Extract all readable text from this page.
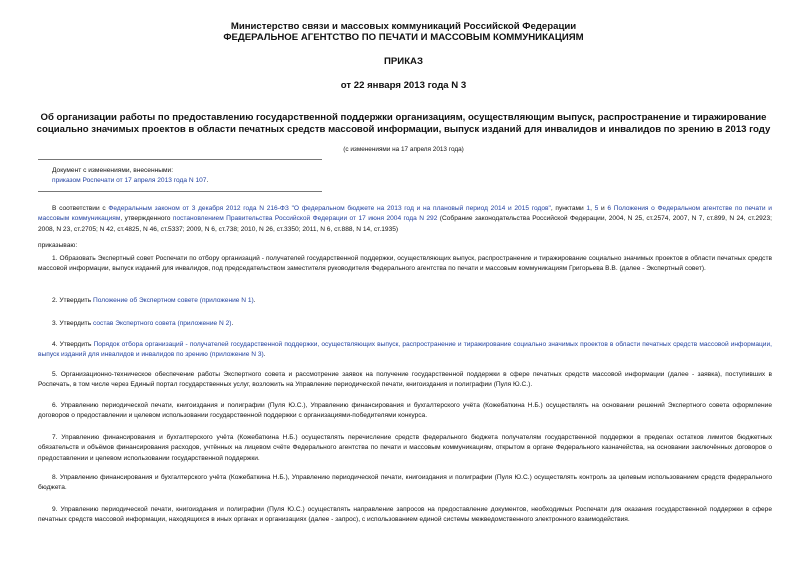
Министерство связи и массовых коммуникаций Российской Федерации
ФЕДЕРАЛЬНОЕ АГЕНТСТВО ПО ПЕЧАТИ И МАССОВЫМ КОММУНИКАЦИЯМ
ПРИКАЗ
от 22 января 2013 года N 3
Об организации работы по предоставлению государственной поддержки организациям, осуществляющим выпуск, распространение и тиражирование социально значимых проектов в области печатных средств массовой информации, выпуск изданий для инвалидов и инвалидов по зрению в 2013 году
(с изменениями на 17 апреля 2013 года)
Документ с изменениями, внесенными:
приказом Роспечати от 17 апреля 2013 года N 107.
В соответствии с Федеральным законом от 3 декабря 2012 года N 216-ФЗ "О федеральном бюджете на 2013 год и на плановый период 2014 и 2015 годов", пунктами 1, 5 и 6 Положения о Федеральном агентстве по печати и массовым коммуникациям, утвержденного постановлением Правительства Российской Федерации от 17 июня 2004 года N 292 (Собрание законодательства Российской Федерации, 2004, N 25, ст.2574, 2007, N 7, ст.899, N 24, ст.2923; 2008, N 23, ст.2705; N 42, ст.4825, N 46, ст.5337; 2009, N 6, ст.738; 2010, N 26, ст.3350; 2011, N 6, ст.888, N 14, ст.1935)
приказываю:
1. Образовать Экспертный совет Роспечати по отбору организаций - получателей государственной поддержки, осуществляющих выпуск, распространение и тиражирование социально значимых проектов в области печатных средств массовой информации, выпуск изданий для инвалидов, под председательством заместителя руководителя Федерального агентства по печати и массовым коммуникациям Григорьева В.В. (далее - Экспертный совет).
2. Утвердить Положение об Экспертном совете (приложение N 1).
3. Утвердить состав Экспертного совета (приложение N 2).
4. Утвердить Порядок отбора организаций - получателей государственной поддержки, осуществляющих выпуск, распространение и тиражирование социально значимых проектов в области печатных средств массовой информации, выпуск изданий для инвалидов и инвалидов по зрению (приложение N 3).
5. Организационно-техническое обеспечение работы Экспертного совета и рассмотрение заявок на получение государственной поддержки в сфере печатных средств массовой информации (далее - заявка), поступивших в Роспечать, в том числе через Единый портал государственных услуг, возложить на Управление периодической печати, книгоиздания и полиграфии (Пуля Ю.С.).
6. Управлению периодической печати, книгоиздания и полиграфии (Пуля Ю.С.), Управлению финансирования и бухгалтерского учёта (Кожебаткина Н.Б.) осуществлять на основании решений Экспертного совета оформление договоров о предоставлении и целевом использовании государственной поддержки с организациями-победителями конкурса.
7. Управлению финансирования и бухгалтерского учёта (Кожебаткина Н.Б.) осуществлять перечисление средств федерального бюджета получателям государственной поддержки в пределах остатков лимитов бюджетных обязательств и объёмов финансирования расходов, учтённых на лицевом счёте Федерального агентства по печати и массовым коммуникациям, открытом в органе Федерального казначейства, на основании заключённых договоров о предоставлении и целевом использовании государственной поддержки.
8. Управлению финансирования и бухгалтерского учёта (Кожебаткина Н.Б.), Управлению периодической печати, книгоиздания и полиграфии (Пуля Ю.С.) осуществлять контроль за целевым использованием средств федерального бюджета.
9. Управлению периодической печати, книгоиздания и полиграфии (Пуля Ю.С.) осуществлять направление запросов на предоставление документов, необходимых Роспечати для оказания государственной поддержки в сфере печатных средств массовой информации, находящихся в иных органах и организациях (далее - запрос), с использованием единой системы межведомственного электронного взаимодействия.
